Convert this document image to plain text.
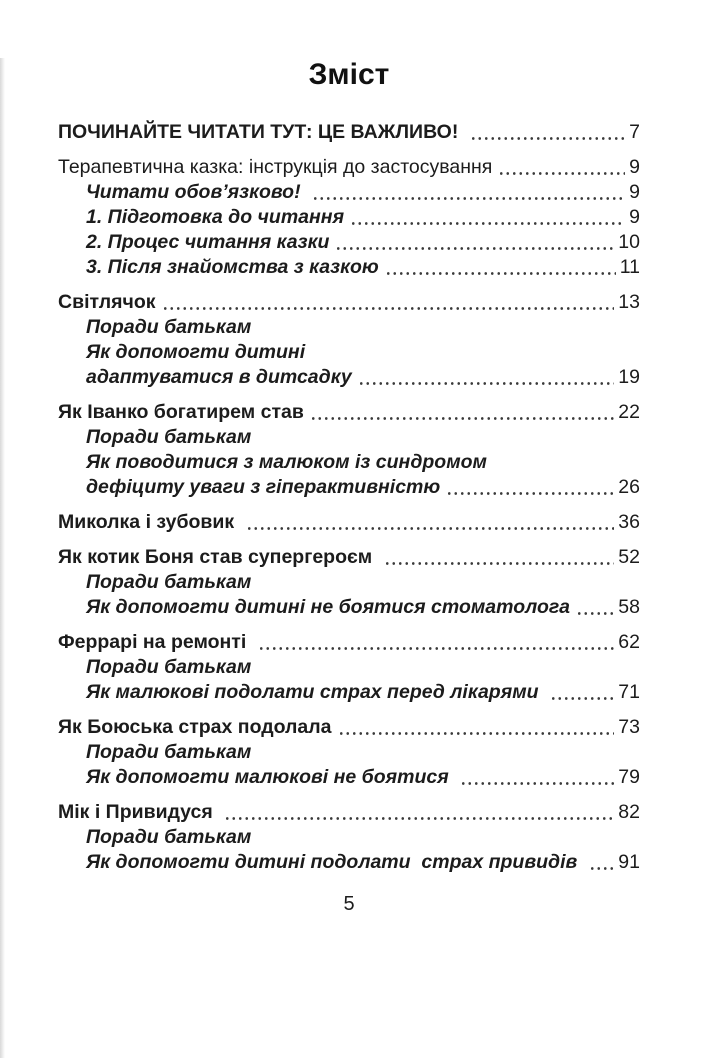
Зміст
ПОЧИНАЙТЕ ЧИТАТИ ТУТ: ЦЕ ВАЖЛИВО!	7
Терапевтична казка: інструкція до застосування	9
Читати обов’язково!	9
1. Підготовка до читання	9
2. Процес читання казки	10
3. Після знайомства з казкою	11
Світлячок	13
Поради батькам
Як допомогти дитині
адаптуватися в дитсадку	19
Як Іванко богатирем став	22
Поради батькам
Як поводитися з малюком із синдромом
дефіциту уваги з гіперактивністю	26
Миколка і зубовик	36
Як котик Боня став супергероєм	52
Поради батькам
Як допомогти дитині не боятися стоматолога 58
Феррарі на ремонті	62
Поради батькам
Як малюкові подолати страх перед лікарями	71
Як Боюська страх подолала	73
Поради батькам
Як допомогти малюкові не боятися	79
Мік і Привидуся	82
Поради батькам
Як допомогти дитині подолати  страх привидів 91
5
